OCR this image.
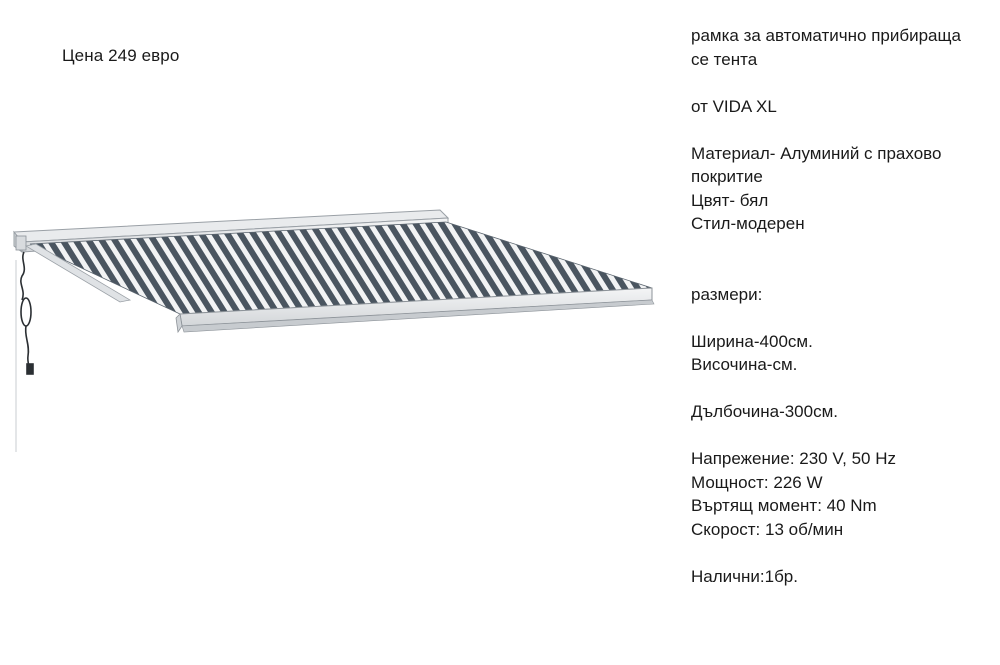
Цена 249 евро

рамка за автоматично прибираща

се тента

от VIDA XL

Материал- Алуминий с прахово

покритие

Цвят- бял

Стил-модерен

размери:

Ширина-400см.

Височина-см.

Дълбочина-300см.

Напрежение: 230 V, 50 Hz

Мощност: 226 W

Въртящ момент: 40 Nm

Скорост: 13 об/мин

Налични:1бр.
